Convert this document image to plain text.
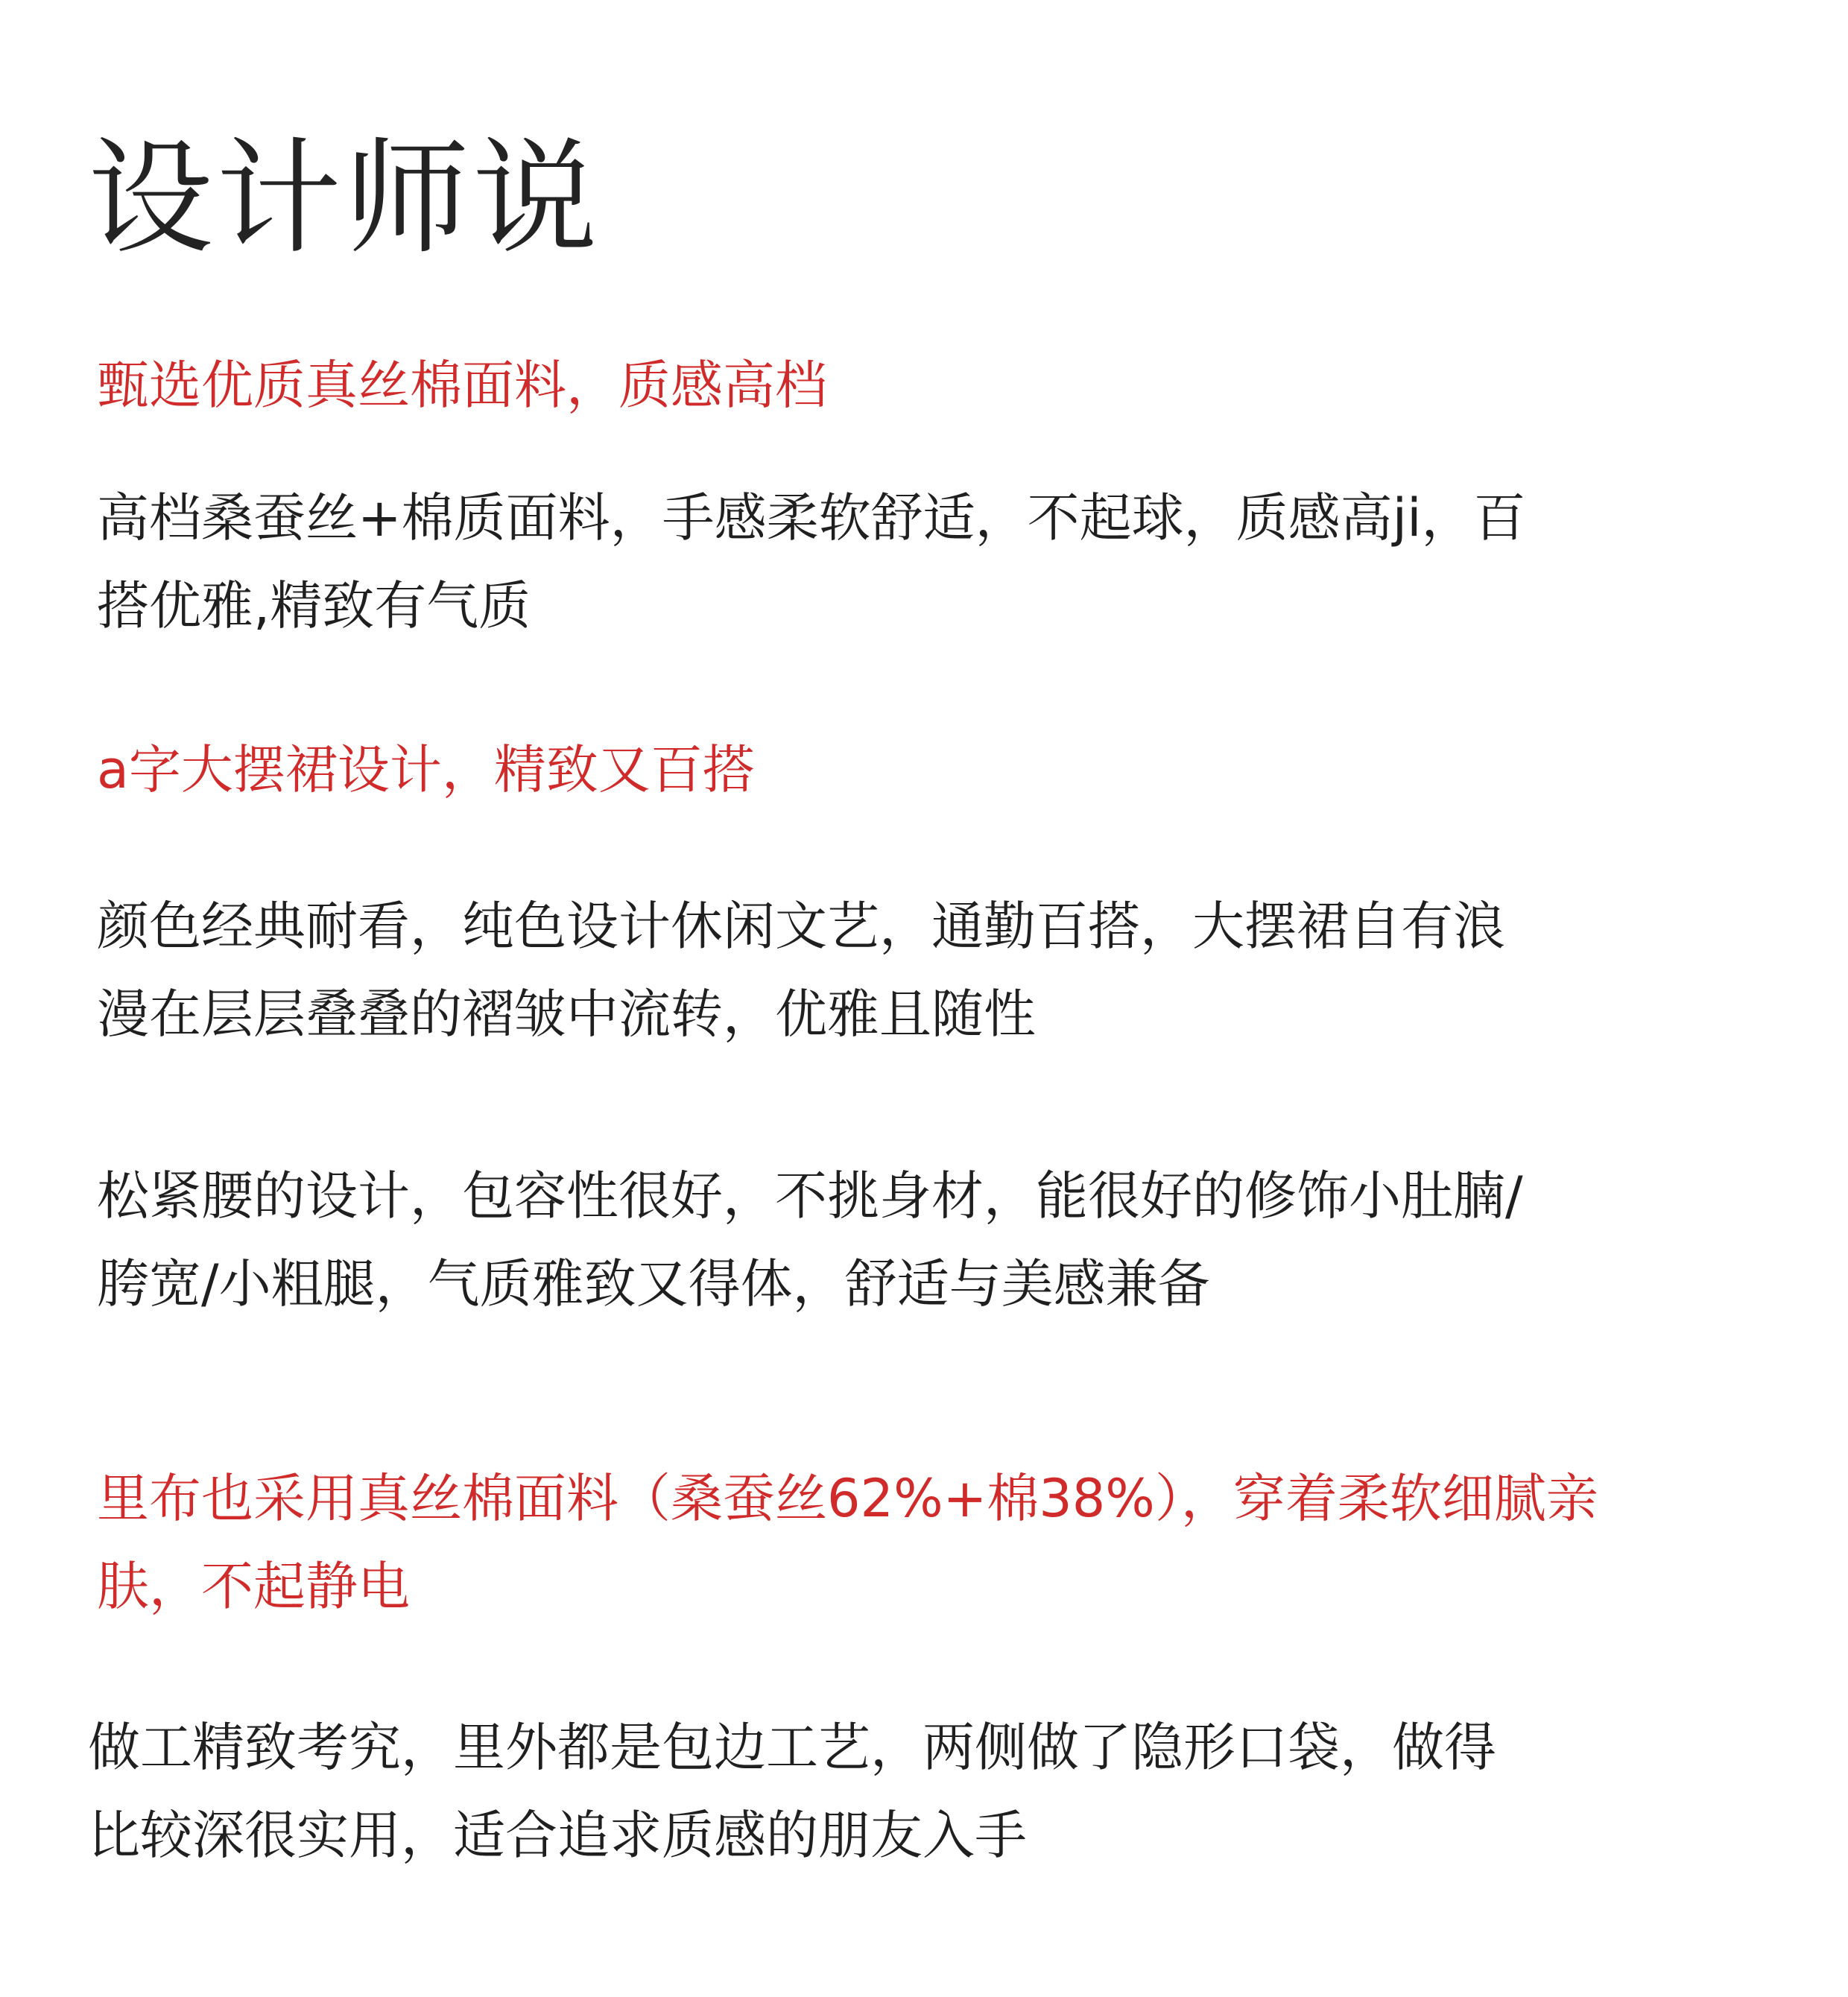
设计师说

甄选优质真丝棉面料，质感高档

高档桑蚕丝+棉质面料，手感柔软舒适，不起球，质感高ji，百
搭优雅,精致有气质

a字大摆裙设计，精致又百搭

颜色经典耐看，纯色设计休闲文艺，通勤百搭，大摆裙自有浪
漫在层层叠叠的褶皱中流转，优雅且随性

松紧腰的设计，包容性很好，不挑身材，能很好的修饰小肚腩/
胯宽/小粗腿，气质雅致又得体，舒适与美感兼备

里布也采用真丝棉面料（桑蚕丝62%+棉38%），穿着柔软细腻亲
肤，不起静电

做工精致考究，里外都是包边工艺，两侧做了隐形口袋，做得
比较深很实用，适合追求质感的朋友入手
